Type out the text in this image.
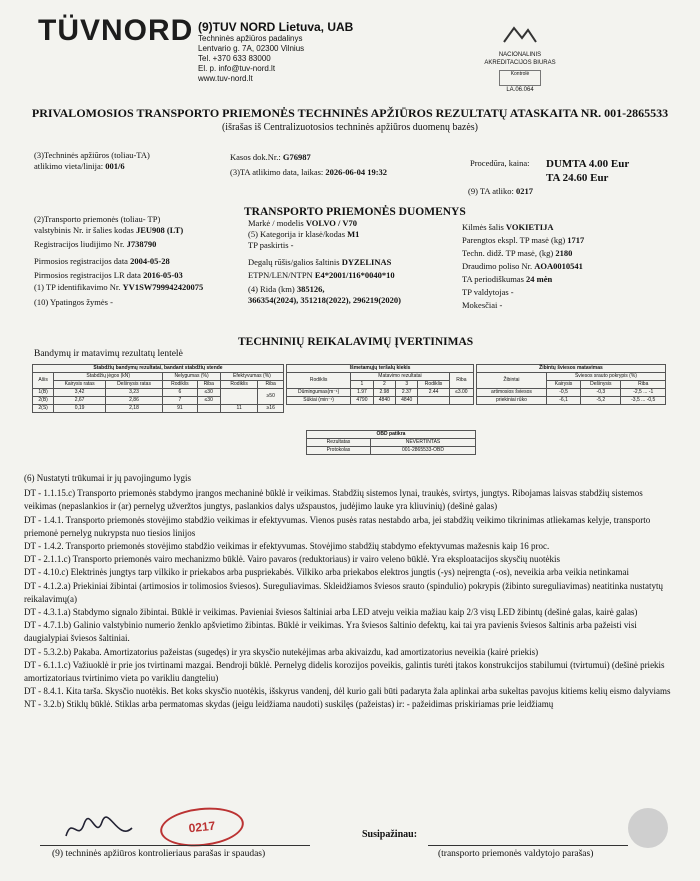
TÜVNORD (9)TUV NORD Lietuva, UAB
Techninės apžiūros padalinys
Lentvario g. 7A, 02300 Vilnius
Tel. +370 633 83000
El. p. info@tuv-nord.lt
www.tuv-nord.lt
NACIONALINIS
AKREDITACIJOS BIURAS
Kontrolė
LA.06.064
PRIVALOMOSIOS TRANSPORTO PRIEMONĖS TECHNINĖS APŽIŪROS REZULTATŲ ATASKAITA NR. 001-2865533
(išrašas iš Centralizuotosios techninės apžiūros duomenų bazės)
(3)Techninės apžiūros (toliau-TA)
atlikimo vieta/linija: 001/6
Kasos dok.Nr.: G76987
(3)TA atlikimo data, laikas: 2026-06-04 19:32
Procedūra, kaina: DUMTA 4.00 Eur
TA 24.60 Eur
(9) TA atliko: 0217
TRANSPORTO PRIEMONĖS DUOMENYS
(2)Transporto priemonės (toliau- TP)
valstybinis Nr. ir šalies kodas JEU908 (LT)
Registracijos liudijimo Nr. J738790
Pirmosios registracijos data 2004-05-28
Pirmosios registracijos LR data 2016-05-03
(1) TP identifikavimo Nr. YV1SW799942420075
(10) Ypatingos žymės -
Markė / modelis VOLVO / V70
(5) Kategorija ir klasė/kodas M1
TP paskirtis -
Degalų rūšis/galios šaltinis DYZELINAS
ETPN/LEN/NTPN E4*2001/116*0040*10
(4) Rida (km) 385126,
366354(2024), 351218(2022), 296219(2020)
Kilmės šalis VOKIETIJA
Parengtos ekspl. TP masė (kg) 1717
Techn. didž. TP masė, (kg) 2180
Draudimo poliso Nr. AOA0010541
TA periodiškumas 24 mėn
TP valdytojas -
Mokesčiai -
TECHNINIŲ REIKALAVIMŲ ĮVERTINIMAS
Bandymų ir matavimų rezultatų lentelė
Stabdžių bandymų rezultatai, bandant stabdžių stende						
Ašis	Stabdžių jėgos (kN)		Nelygumas (%)		Efektyvumas (%)	
	Kairysis ratas	Dešinysis ratas	Rodiklis	Riba	Rodiklis	Riba
1(B)	3,42	3,23	6	≤30		≥50
2(B)	2,67	2,86	7	≤30		
2(S)	0,19	2,18	91		11	≥16
Išmetamųjų teršalų kiekis					
Rodiklis	Matavimo rezultatai				Riba
	1	2	3	Rodiklis	
Dūmingumas(m⁻¹)	1.97	2.98	2.37	2.44	≤3.00
Sūkiai (min⁻¹)	4790	4840	4840		
Žibintų šviesos matavimas			
Žibintai	Šviesos srauto pokrypis (%)		
	Kairysis	Dešinysis	Riba
artimosios šviesos	-0,5	-0,3	-2,5 ... -1
priekiniai rūko	-6,1	-5,2	-3,5 ... -0,5
OBD patikra	
Rezultatas	NEVERTINTAS
Protokolas	001-2865533-OBD

(6) Nustatyti trūkumai ir jų pavojingumo lygis

DT - 1.1.15.c) Transporto priemonės stabdymo įrangos mechaninė būklė ir veikimas. Stabdžių sistemos lynai, traukės, svirtys, jungtys. Ribojamas laisvas stabdžių sistemos veikimas (nepaslankios ir (ar) pernelyg užveržtos jungtys, paslankios dalys užspaustos, judėjimo lauke yra kliuvinių) (dešinė galas)

DT - 1.4.1. Transporto priemonės stovėjimo stabdžio veikimas ir efektyvumas. Vienos pusės ratas nestabdo arba, jei stabdžių veikimo tikrinimas atliekamas kelyje, transporto priemonė pernelyg nukrypsta nuo tiesios linijos

DT - 1.4.2. Transporto priemonės stovėjimo stabdžio veikimas ir efektyvumas. Stovėjimo stabdžių stabdymo efektyvumas mažesnis kaip 16 proc.

DT - 2.1.1.c) Transporto priemonės vairo mechanizmo būklė. Vairo pavaros (reduktoriaus) ir vairo veleno būklė. Yra eksploatacijos skysčių nuotėkis

DT - 4.10.c) Elektrinės jungtys tarp vilkiko ir priekabos arba puspriekabės. Vilkiko arba priekabos elektros jungtis (-ys) neįrengta (-os), neveikia arba veikia netinkamai

DT - 4.1.2.a) Priekiniai žibintai (artimosios ir tolimosios šviesos). Sureguliavimas. Skleidžiamos šviesos srauto (spindulio) pokrypis (žibinto sureguliavimas) neatitinka nustatytų reikalavimų(a)

DT - 4.3.1.a) Stabdymo signalo žibintai. Būklė ir veikimas. Pavieniai šviesos šaltiniai arba LED atveju veikia mažiau kaip 2/3 visų LED žibintų (dešinė galas, kairė galas)

DT - 4.7.1.b) Galinio valstybinio numerio ženklo apšvietimo žibintas. Būklė ir veikimas. Yra šviesos šaltinio defektų, kai tai yra pavienis šviesos šaltinis arba pažeisti visi daugialypiai šviesos šaltiniai.

DT - 5.3.2.b) Pakaba. Amortizatorius pažeistas (sugedęs) ir yra skysčio nutekėjimas arba akivaizdu, kad amortizatorius neveikia (kairė priekis)

DT - 6.1.1.c) Važiuoklė ir prie jos tvirtinami mazgai. Bendroji būklė. Pernelyg didelis korozijos poveikis, galintis turėti įtakos konstrukcijos stabilumui (tvirtumui) (dešinė priekis amortizatoriaus tvirtinimo vieta po varikliu dangteliu)

DT - 8.4.1. Kita tarša. Skysčio nuotėkis. Bet koks skysčio nuotėkis, išskyrus vandenį, dėl kurio gali būti padaryta žala aplinkai arba sukeltas pavojus kitiems kelių eismo dalyviams

NT - 3.2.b) Stiklų būklė. Stiklas arba permatomas skydas (jeigu leidžiama naudoti) suskilęs (pažeistas) ir: - pažeidimas priskiriamas prie leidžiamų

0217
(9) techninės apžiūros kontrolieriaus parašas ir spaudas)
Susipažinau:
(transporto priemonės valdytojo parašas)
